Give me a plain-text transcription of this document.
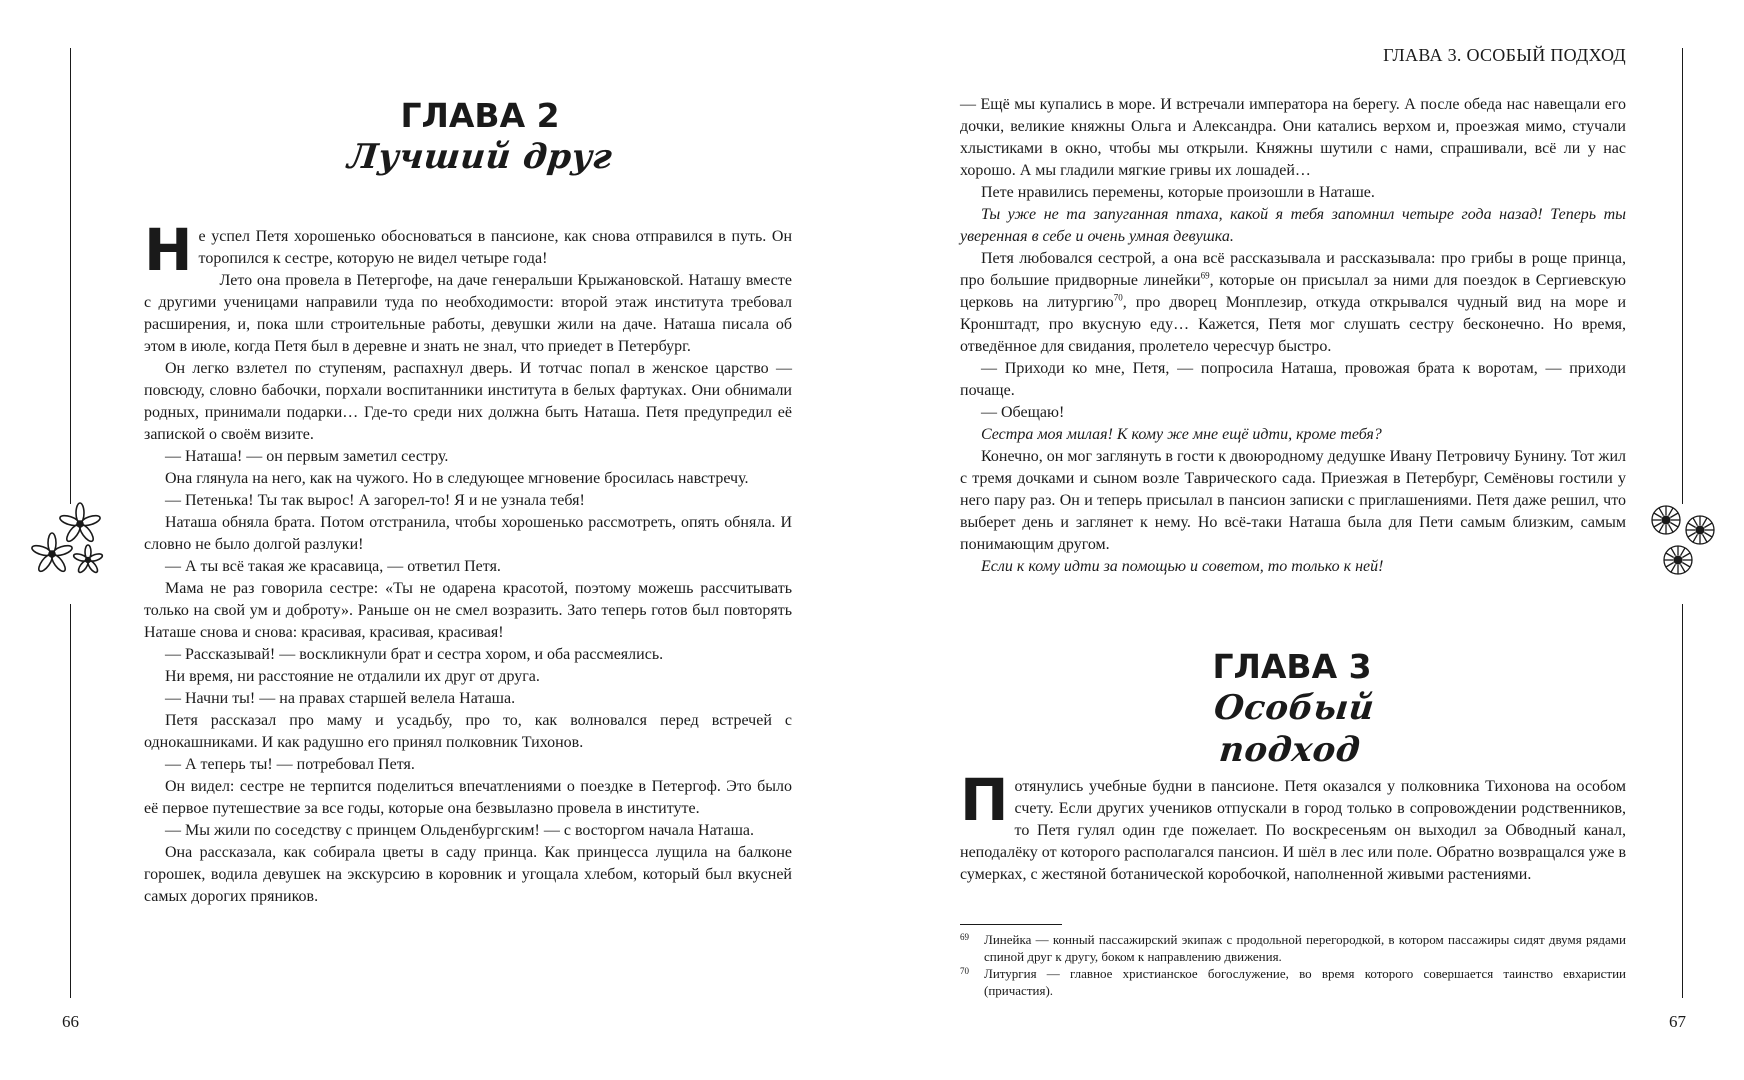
ГЛАВА 2
Лучший друг

Не успел Петя хорошенько обосноваться в пансионе, как снова отправился в путь. Он торопился к сестре, которую не видел четыре года!

Лето она провела в Петергофе, на даче генеральши Крыжановской. Наташу вместе с другими ученицами направили туда по необходимости: второй этаж института требовал расширения, и, пока шли строительные работы, девушки жили на даче. Наташа писала об этом в июле, когда Петя был в деревне и знать не знал, что приедет в Петербург.

Он легко взлетел по ступеням, распахнул дверь. И тотчас попал в женское царство — повсюду, словно бабочки, порхали воспитанники института в белых фартуках. Они обнимали родных, принимали подарки… Где-то среди них должна быть Наташа. Петя предупредил её запиской о своём визите.

— Наташа! — он первым заметил сестру.

Она глянула на него, как на чужого. Но в следующее мгновение бросилась навстречу.

— Петенька! Ты так вырос! А загорел-то! Я и не узнала тебя!

Наташа обняла брата. Потом отстранила, чтобы хорошенько рассмотреть, опять обняла. И словно не было долгой разлуки!

— А ты всё такая же красавица, — ответил Петя.

Мама не раз говорила сестре: «Ты не одарена красотой, поэтому можешь рассчитывать только на свой ум и доброту». Раньше он не смел возразить. Зато теперь готов был повторять Наташе снова и снова: красивая, красивая, красивая!

— Рассказывай! — воскликнули брат и сестра хором, и оба рассмеялись.

Ни время, ни расстояние не отдалили их друг от друга.

— Начни ты! — на правах старшей велела Наташа.

Петя рассказал про маму и усадьбу, про то, как волновался перед встречей с однокашниками. И как радушно его принял полковник Тихонов.

— А теперь ты! — потребовал Петя.

Он видел: сестре не терпится поделиться впечатлениями о поездке в Петергоф. Это было её первое путешествие за все годы, которые она безвылазно провела в институте.

— Мы жили по соседству с принцем Ольденбургским! — с восторгом начала Наташа.

Она рассказала, как собирала цветы в саду принца. Как принцесса лущила на балконе горошек, водила девушек на экскурсию в коровник и угощала хлебом, который был вкусней самых дорогих пряников.

66
ГЛАВА 3. ОСОБЫЙ ПОДХОД

— Ещё мы купались в море. И встречали императора на берегу. А после обеда нас навещали его дочки, великие княжны Ольга и Александра. Они катались верхом и, проезжая мимо, стучали хлыстиками в окно, чтобы мы открыли. Княжны шутили с нами, спрашивали, всё ли у нас хорошо. А мы гладили мягкие гривы их лошадей…

Пете нравились перемены, которые произошли в Наташе.

Ты уже не та запуганная птаха, какой я тебя запомнил четыре года назад! Теперь ты уверенная в себе и очень умная девушка.

Петя любовался сестрой, а она всё рассказывала и рассказывала: про грибы в роще принца, про большие придворные линейки$^{69}$, которые он присылал за ними для поездок в Сергиевскую церковь на литургию$^{70}$, про дворец Монплезир, откуда открывался чудный вид на море и Кронштадт, про вкусную еду… Кажется, Петя мог слушать сестру бесконечно. Но время, отведённое для свидания, пролетело чересчур быстро.

— Приходи ко мне, Петя, — попросила Наташа, провожая брата к воротам, — приходи почаще.

— Обещаю!

Сестра моя милая! К кому же мне ещё идти, кроме тебя?

Конечно, он мог заглянуть в гости к двоюродному дедушке Ивану Петровичу Бунину. Тот жил с тремя дочками и сыном возле Таврического сада. Приезжая в Петербург, Семёновы гостили у него пару раз. Он и теперь присылал в пансион записки с приглашениями. Петя даже решил, что выберет день и заглянет к нему. Но всё-таки Наташа была для Пети самым близким, самым понимающим другом.

Если к кому идти за помощью и советом, то только к ней!

ГЛАВА 3
Особый подход

Потянулись учебные будни в пансионе. Петя оказался у полковника Тихонова на особом счету. Если других учеников отпускали в город только в сопровождении родственников, то Петя гулял один где пожелает. По воскресеньям он выходил за Обводный канал, неподалёку от которого располагался пансион. И шёл в лес или поле. Обратно возвращался уже в сумерках, с жестяной ботанической коробочкой, наполненной живыми растениями.

69 Линейка — конный пассажирский экипаж с продольной перегородкой, в котором пассажиры сидят двумя рядами спиной друг к другу, боком к направлению движения.

70 Литургия — главное христианское богослужение, во время которого совершается таинство евхаристии (причастия).

67
